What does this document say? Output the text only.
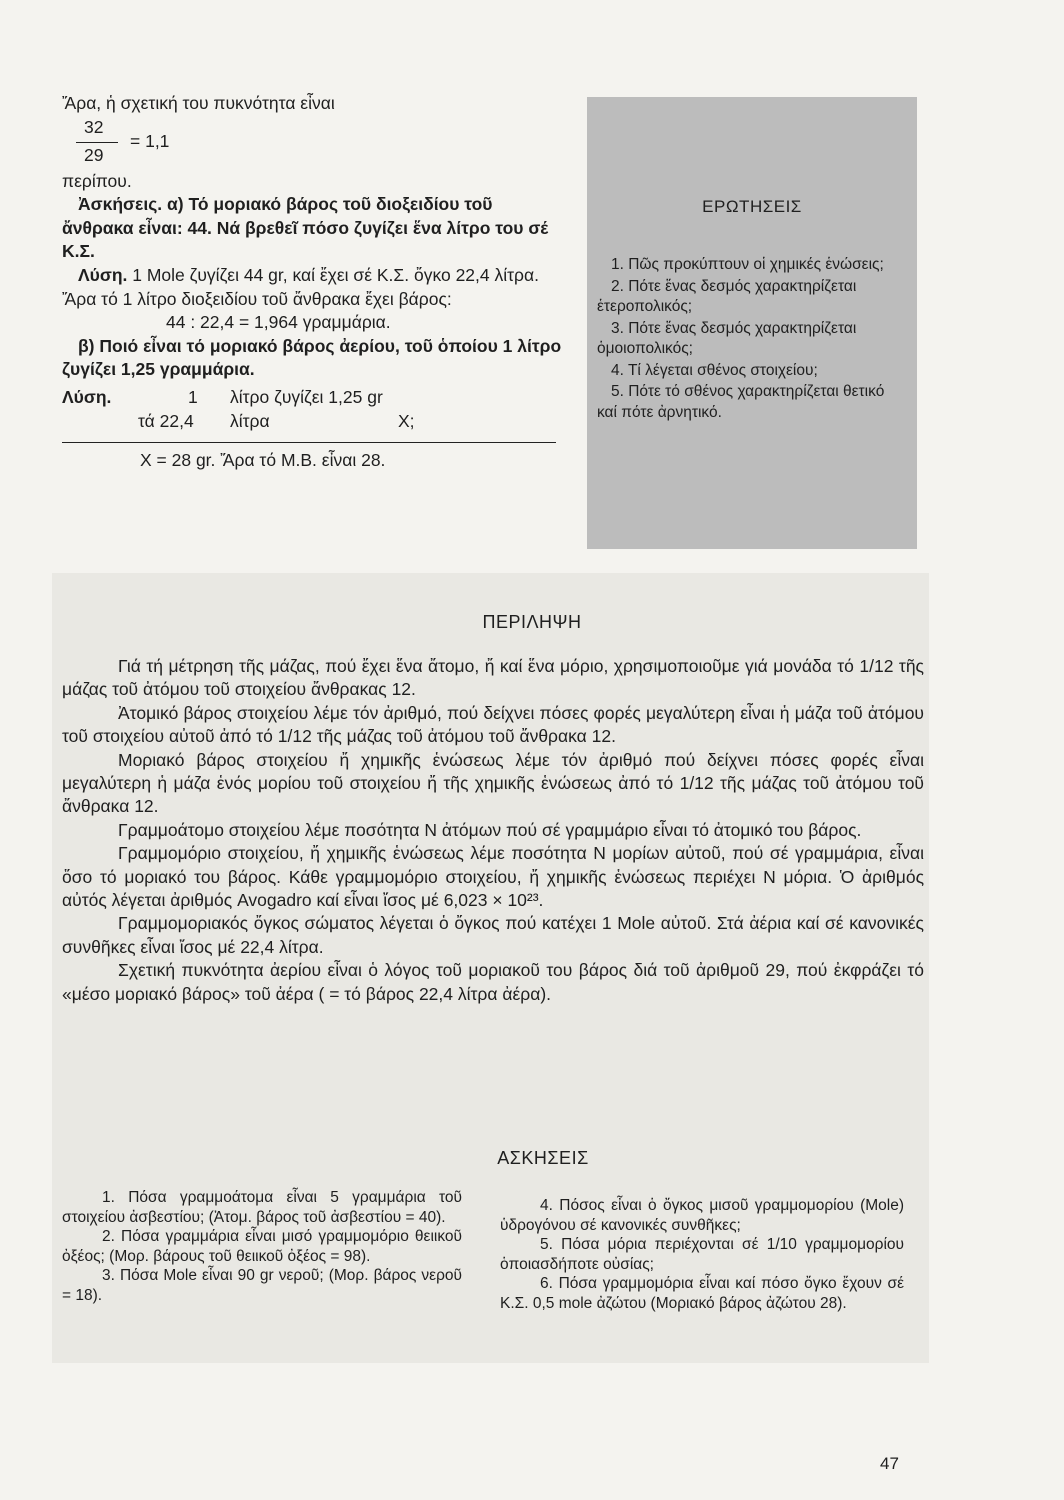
Ἄρα, ἡ σχετική του πυκνότητα εἶναι

32
29
= 1,1

περίπου.

Ἀσκήσεις. α) Τό μοριακό βάρος τοῦ διοξειδίου τοῦ ἄνθρακα εἶναι: 44. Νά βρεθεῖ πόσο ζυγίζει ἕνα λίτρο του σέ Κ.Σ.

Λύση. 1 Mole ζυγίζει 44 gr, καί ἔχει σέ Κ.Σ. ὄγκο 22,4 λίτρα. Ἄρα τό 1 λίτρο διοξειδίου τοῦ ἄνθρακα ἔχει βάρος:

44 : 22,4 = 1,964 γραμμάρια.

β) Ποιό εἶναι τό μοριακό βάρος ἀερίου, τοῦ ὁποίου 1 λίτρο ζυγίζει 1,25 γραμμάρια.

Λύση.	1 λίτρο ζυγίζει 1,25 gr
τά 22,4 λίτρα	X;

X = 28 gr. Ἄρα τό Μ.Β. εἶναι 28.

ΕΡΩΤΗΣΕΙΣ
1. Πῶς προκύπτουν οἱ χημικές ἑνώσεις;
2. Πότε ἕνας δεσμός χαρακτηρίζεται ἑτεροπολικός;
3. Πότε ἕνας δεσμός χαρακτηρίζεται ὁμοιοπολικός;
4. Τί λέγεται σθένος στοιχείου;
5. Πότε τό σθένος χαρακτηρίζεται θετικό καί πότε ἀρνητικό.
ΠΕΡΙΛΗΨΗ

Γιά τή μέτρηση τῆς μάζας, πού ἔχει ἕνα ἄτομο, ἤ καί ἕνα μόριο, χρησιμοποιοῦμε γιά μονάδα τό 1/12 τῆς μάζας τοῦ ἀτόμου τοῦ στοιχείου ἄνθρακας 12.

Ἀτομικό βάρος στοιχείου λέμε τόν ἀριθμό, πού δείχνει πόσες φορές μεγαλύτερη εἶναι ἡ μάζα τοῦ ἀτόμου τοῦ στοιχείου αὐτοῦ ἀπό τό 1/12 τῆς μάζας τοῦ ἀτόμου τοῦ ἄνθρακα 12.

Μοριακό βάρος στοιχείου ἤ χημικῆς ἑνώσεως λέμε τόν ἀριθμό πού δείχνει πόσες φορές εἶναι μεγαλύτερη ἡ μάζα ἑνός μορίου τοῦ στοιχείου ἤ τῆς χημικῆς ἑνώσεως ἀπό τό 1/12 τῆς μάζας τοῦ ἀτόμου τοῦ ἄνθρακα 12.

Γραμμοάτομο στοιχείου λέμε ποσότητα Ν ἀτόμων πού σέ γραμμάριο εἶναι τό ἀτομικό του βάρος.

Γραμμομόριο στοιχείου, ἤ χημικῆς ἑνώσεως λέμε ποσότητα Ν μορίων αὐτοῦ, πού σέ γραμμάρια, εἶναι ὅσο τό μοριακό του βάρος. Κάθε γραμμομόριο στοιχείου, ἤ χημικῆς ἑνώσεως περιέχει Ν μόρια. Ὁ ἀριθμός αὐτός λέγεται ἀριθμός Avogadro καί εἶναι ἴσος μέ 6,023 × 10²³.

Γραμμομοριακός ὄγκος σώματος λέγεται ὁ ὄγκος πού κατέχει 1 Mole αὐτοῦ. Στά ἀέρια καί σέ κανονικές συνθῆκες εἶναι ἴσος μέ 22,4 λίτρα.

Σχετική πυκνότητα ἀερίου εἶναι ὁ λόγος τοῦ μοριακοῦ του βάρος διά τοῦ ἀριθμοῦ 29, πού ἐκφράζει τό «μέσο μοριακό βάρος» τοῦ ἀέρα ( = τό βάρος 22,4 λίτρα ἀέρα).

ΑΣΚΗΣΕΙΣ

1. Πόσα γραμμοάτομα εἶναι 5 γραμμάρια τοῦ στοιχείου ἀσβεστίου; (Ἀτομ. βάρος τοῦ ἀσβεστίου = 40).

2. Πόσα γραμμάρια εἶναι μισό γραμμομόριο θειικοῦ ὀξέος; (Μορ. βάρους τοῦ θειικοῦ ὀξέος = 98).

3. Πόσα Mole εἶναι 90 gr νεροῦ; (Μορ. βάρος νεροῦ = 18).

4. Πόσος εἶναι ὁ ὄγκος μισοῦ γραμμομορίου (Mole) ὑδρογόνου σέ κανονικές συνθῆκες;

5. Πόσα μόρια περιέχονται σέ 1/10 γραμμομορίου ὁποιασδήποτε οὐσίας;

6. Πόσα γραμμομόρια εἶναι καί πόσο ὄγκο ἔχουν σέ Κ.Σ. 0,5 mole ἀζώτου (Μοριακό βάρος ἀζώτου 28).

47
